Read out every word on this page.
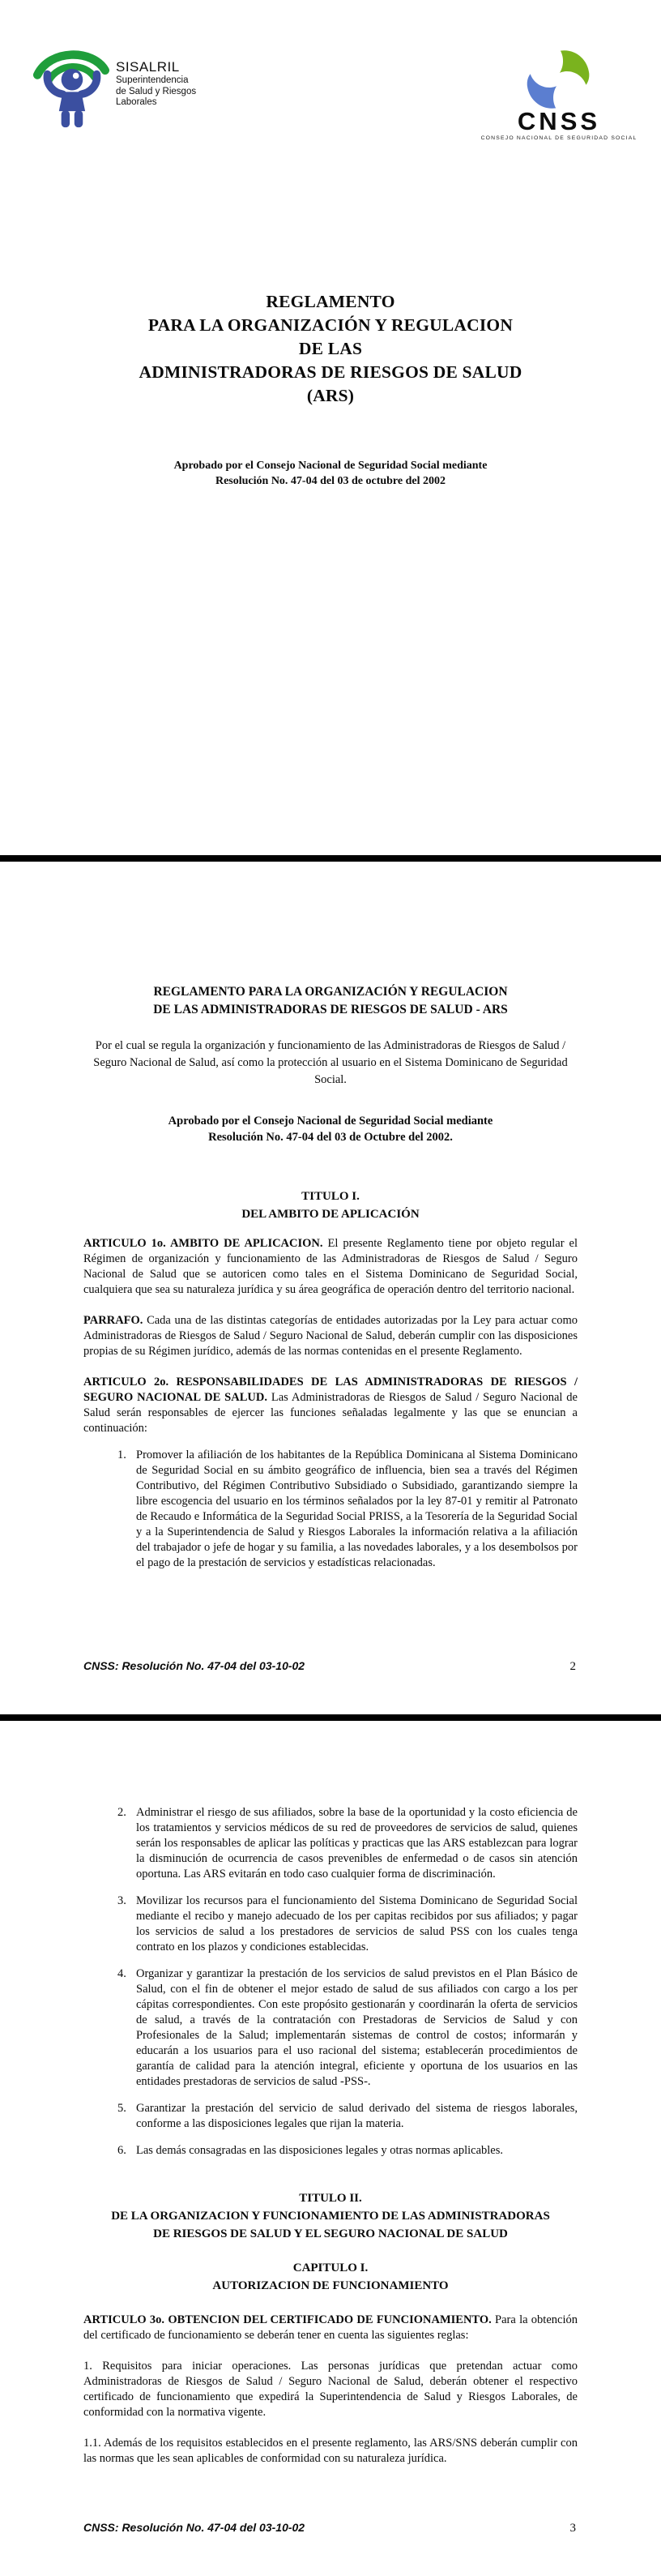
SISALRIL
Superintendencia
de Salud y Riesgos
Laborales
CNSS
CONSEJO NACIONAL DE SEGURIDAD SOCIAL
REGLAMENTO
PARA LA ORGANIZACIÓN Y REGULACION
DE LAS
ADMINISTRADORAS DE RIESGOS DE SALUD
(ARS)
Aprobado por el Consejo Nacional de Seguridad Social mediante
Resolución No. 47-04 del 03 de octubre del 2002
REGLAMENTO PARA LA ORGANIZACIÓN Y REGULACION
DE LAS ADMINISTRADORAS DE RIESGOS DE SALUD - ARS

Por el cual se regula la organización y funcionamiento de las Administradoras de Riesgos de Salud / Seguro Nacional de Salud, así como la protección al usuario en el Sistema Dominicano de Seguridad Social.

Aprobado por el Consejo Nacional de Seguridad Social mediante
Resolución No. 47-04 del 03 de Octubre del 2002.
TITULO I.
DEL AMBITO DE APLICACIÓN

ARTICULO 1o. AMBITO DE APLICACION. El presente Reglamento tiene por objeto regular el Régimen de organización y funcionamiento de las Administradoras de Riesgos de Salud / Seguro Nacional de Salud que se autoricen como tales en el Sistema Dominicano de Seguridad Social, cualquiera que sea su naturaleza jurídica y su área geográfica de operación dentro del territorio nacional.

PARRAFO. Cada una de las distintas categorías de entidades autorizadas por la Ley para actuar como Administradoras de Riesgos de Salud / Seguro Nacional de Salud, deberán cumplir con las disposiciones propias de su Régimen jurídico, además de las normas contenidas en el presente Reglamento.

ARTICULO 2o. RESPONSABILIDADES DE LAS ADMINISTRADORAS DE RIESGOS / SEGURO NACIONAL DE SALUD. Las Administradoras de Riesgos de Salud / Seguro Nacional de Salud serán responsables de ejercer las funciones señaladas legalmente y las que se enuncian a continuación:

1. Promover la afiliación de los habitantes de la República Dominicana al Sistema Dominicano de Seguridad Social en su ámbito geográfico de influencia, bien sea a través del Régimen Contributivo, del Régimen Contributivo Subsidiado o Subsidiado, garantizando siempre la libre escogencia del usuario en los términos señalados por la ley 87-01 y remitir al Patronato de Recaudo e Informática de la Seguridad Social PRISS, a la Tesorería de la Seguridad Social y a la Superintendencia de Salud y Riesgos Laborales la información relativa a la afiliación del trabajador o jefe de hogar y su familia, a las novedades laborales, y a los desembolsos por el pago de la prestación de servicios y estadísticas relacionadas.
CNSS: Resolución No. 47-04 del 03-10-02	2
2. Administrar el riesgo de sus afiliados, sobre la base de la oportunidad y la costo eficiencia de los tratamientos y servicios médicos de su red de proveedores de servicios de salud, quienes serán los responsables de aplicar las políticas y practicas que las ARS establezcan para lograr la disminución de ocurrencia de casos prevenibles de enfermedad o de casos sin atención oportuna. Las ARS evitarán en todo caso cualquier forma de discriminación.
3. Movilizar los recursos para el funcionamiento del Sistema Dominicano de Seguridad Social mediante el recibo y manejo adecuado de los per capitas recibidos por sus afiliados; y pagar los servicios de salud a los prestadores de servicios de salud PSS con los cuales tenga contrato en los plazos y condiciones establecidas.
4. Organizar y garantizar la prestación de los servicios de salud previstos en el Plan Básico de Salud, con el fin de obtener el mejor estado de salud de sus afiliados con cargo a los per cápitas correspondientes. Con este propósito gestionarán y coordinarán la oferta de servicios de salud, a través de la contratación con Prestadoras de Servicios de Salud y con Profesionales de la Salud; implementarán sistemas de control de costos; informarán y educarán a los usuarios para el uso racional del sistema; establecerán procedimientos de garantía de calidad para la atención integral, eficiente y oportuna de los usuarios en las entidades prestadoras de servicios de salud -PSS-.
5. Garantizar la prestación del servicio de salud derivado del sistema de riesgos laborales, conforme a las disposiciones legales que rijan la materia.
6. Las demás consagradas en las disposiciones legales y otras normas aplicables.
TITULO II.
DE LA ORGANIZACION Y FUNCIONAMIENTO DE LAS ADMINISTRADORAS
DE RIESGOS DE SALUD Y EL SEGURO NACIONAL DE SALUD
CAPITULO I.
AUTORIZACION DE FUNCIONAMIENTO

ARTICULO 3o. OBTENCION DEL CERTIFICADO DE FUNCIONAMIENTO. Para la obtención del certificado de funcionamiento se deberán tener en cuenta las siguientes reglas:

1. Requisitos para iniciar operaciones. Las personas jurídicas que pretendan actuar como Administradoras de Riesgos de Salud / Seguro Nacional de Salud, deberán obtener el respectivo certificado de funcionamiento que expedirá la Superintendencia de Salud y Riesgos Laborales, de conformidad con la normativa vigente.

1.1. Además de los requisitos establecidos en el presente reglamento, las ARS/SNS deberán cumplir con las normas que les sean aplicables de conformidad con su naturaleza jurídica.

CNSS: Resolución No. 47-04 del 03-10-02	3
